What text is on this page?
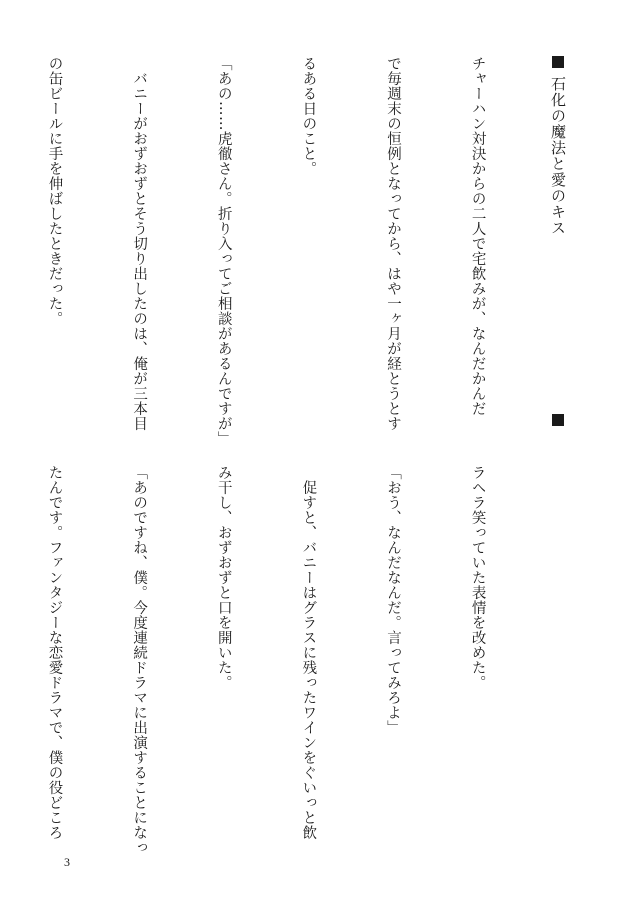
石化の魔法と愛のキス

チャーハン対決からの二人で宅飲みが、なんだかんだ

で毎週末の恒例となってから、はや一ヶ月が経とうとす

るある日のこと。

「あの……虎徹さん。折り入ってご相談があるんですが」

　バニーがおずおずとそう切り出したのは、俺が三本目

の缶ビールに手を伸ばしたときだった。

ラヘラ笑っていた表情を改めた。

「おう、なんだなんだ。言ってみろよ」

　促すと、バニーはグラスに残ったワインをぐいっと飲

み干し、おずおずと口を開いた。

「あのですね、僕。今度連続ドラマに出演することになっ

たんです。ファンタジーな恋愛ドラマで、僕の役どころ

3
